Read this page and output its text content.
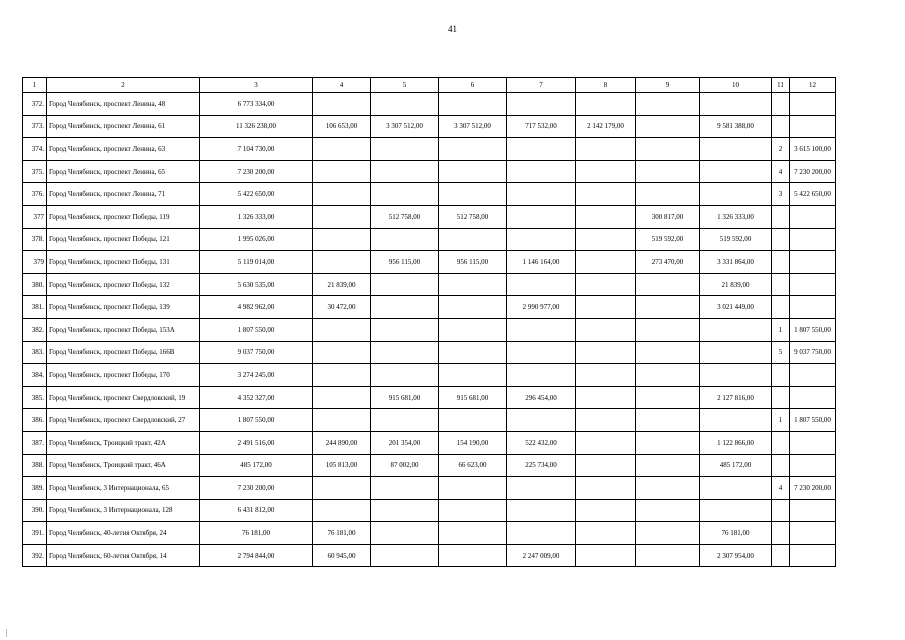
41
1	2	3	4	5	6	7	8	9	10	11	12
372.	Город Челябинск, проспект Ленина, 48	6 773 334,00									
373.	Город Челябинск, проспект Ленина, 61	11 326 238,00	106 653,00	3 307 512,00	3 307 512,00	717 532,00	2 142 179,00		9 581 388,00		
374.	Город Челябинск, проспект Ленина, 63	7 104 730,00								2	3 615 100,00
375.	Город Челябинск, проспект Ленина, 65	7 230 200,00								4	7 230 200,00
376.	Город Челябинск, проспект Ленина, 71	5 422 650,00								3	5 422 650,00
377	Город Челябинск, проспект Победы, 119	1 326 333,00		512 758,00	512 758,00			300 817,00	1 326 333,00		
378.	Город Челябинск, проспект Победы, 121	1 995 026,00						519 592,00	519 592,00		
379	Город Челябинск, проспект Победы, 131	5 119 014,00		956 115,00	956 115,00	1 146 164,00		273 470,00	3 331 864,00		
380.	Город Челябинск, проспект Победы, 132	5 630 535,00	21 839,00						21 839,00		
381.	Город Челябинск, проспект Победы, 139	4 982 962,00	30 472,00			2 990 977,00			3 021 449,00		
382.	Город Челябинск, проспект Победы, 153А	1 807 550,00								1	1 807 550,00
383.	Город Челябинск, проспект Победы, 166В	9 037 750,00								5	9 037 750,00
384.	Город Челябинск, проспект Победы, 170	3 274 245,00									
385.	Город Челябинск, проспект Свердловский, 19	4 352 327,00		915 681,00	915 681,00	296 454,00			2 127 816,00		
386.	Город Челябинск, проспект Свердловский, 27	1 807 550,00								1	1 807 550,00
387.	Город Челябинск, Троицкий тракт, 42А	2 491 516,00	244 890,00	201 354,00	154 190,00	522 432,00			1 122 866,00		
388.	Город Челябинск, Троицкий тракт, 46А	485 172,00	105 813,00	87 002,00	66 623,00	225 734,00			485 172,00		
389.	Город Челябинск, 3 Интернационала, 65	7 230 200,00								4	7 230 200,00
390.	Город Челябинск, 3 Интернационала, 128	6 431 812,00									
391.	Город Челябинск, 40-летия Октября, 24	76 181,00	76 181,00						76 181,00		
392.	Город Челябинск, 60-летия Октября, 14	2 794 844,00	60 945,00			2 247 009,00			2 307 954,00		
|
